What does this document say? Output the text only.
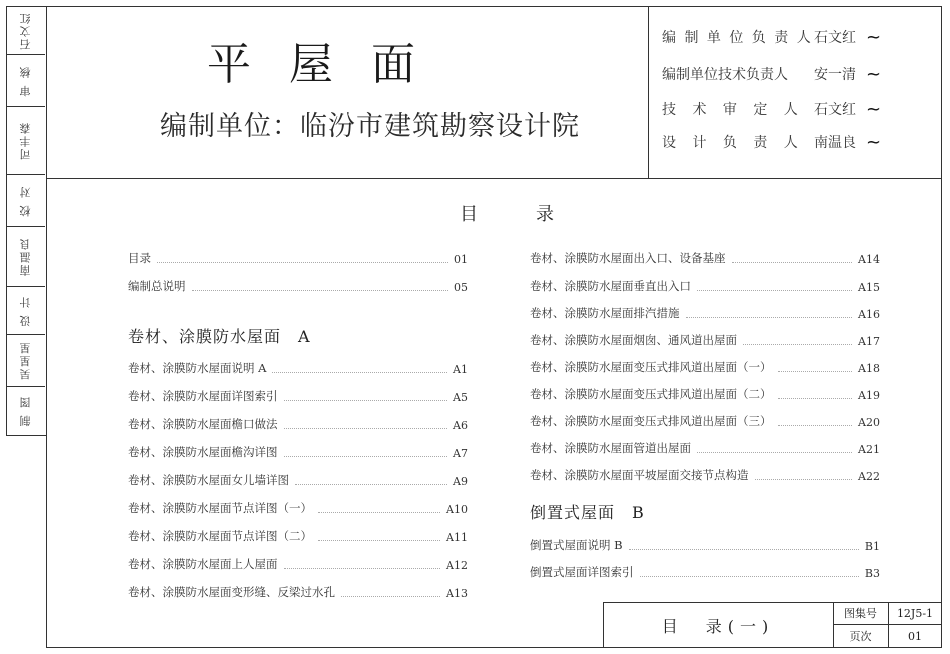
石文红
审 核
司丰森
校 对
南温良
设 计
吴星星
制 图
平屋面
编制单位：临汾市建筑勘察设计院
编 制 单 位 负 责 人 石文红 ~
编制单位技术负责人	安一清 ~
技 术 审 定 人 石文红 ~
设 计 负 责 人 南温良 ~
目录
目录	01
编制总说明	05
卷材、涂膜防水屋面　A
卷材、涂膜防水屋面说明 A	A1
卷材、涂膜防水屋面详图索引	A5
卷材、涂膜防水屋面檐口做法	A6
卷材、涂膜防水屋面檐沟详图	A7
卷材、涂膜防水屋面女儿墙详图	A9
卷材、涂膜防水屋面节点详图（一）	A10
卷材、涂膜防水屋面节点详图（二）	A11
卷材、涂膜防水屋面上人屋面	A12
卷材、涂膜防水屋面变形缝、反梁过水孔	A13
卷材、涂膜防水屋面出入口、设备基座	A14
卷材、涂膜防水屋面垂直出入口	A15
卷材、涂膜防水屋面排汽措施	A16
卷材、涂膜防水屋面烟囱、通风道出屋面	A17
卷材、涂膜防水屋面变压式排风道出屋面（一）	A18
卷材、涂膜防水屋面变压式排风道出屋面（二）	A19
卷材、涂膜防水屋面变压式排风道出屋面（三）	A20
卷材、涂膜防水屋面管道出屋面	A21
卷材、涂膜防水屋面平坡屋面交接节点构造	A22
倒置式屋面　B
倒置式屋面说明 B	B1
倒置式屋面详图索引	B3
目　录(一)
图集号	12J5-1
页次	01
